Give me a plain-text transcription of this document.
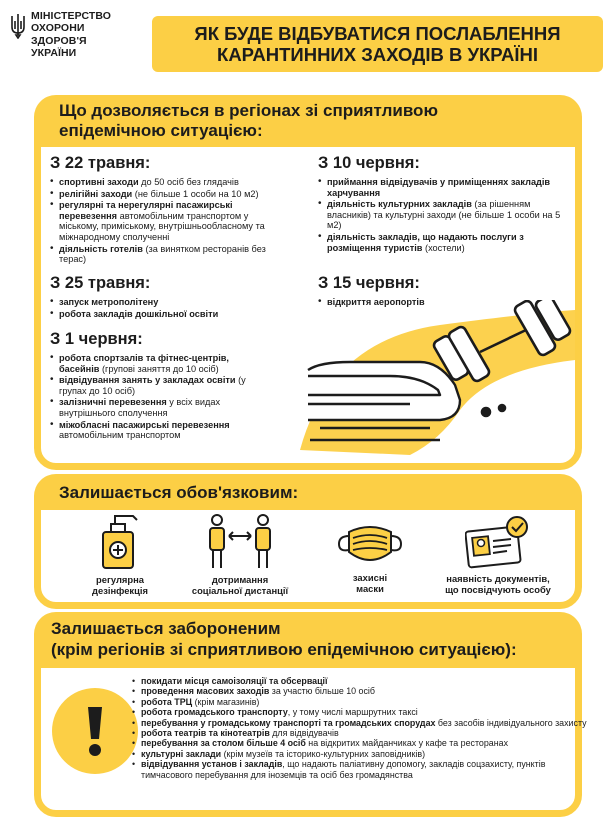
МІНІСТЕРСТВО
ОХОРОНИ
ЗДОРОВ'Я
УКРАЇНИ
ЯК БУДЕ ВІДБУВАТИСЯ ПОСЛАБЛЕННЯ
КАРАНТИННИХ ЗАХОДІВ В УКРАЇНІ
Що дозволяється в регіонах зі сприятливою
епідемічною ситуацією:
З 22 травня:
• спортивні заходи до 50 осіб без глядачів
• релігійні заходи (не більше 1 особи на 10 м2)
• регулярні та нерегулярні пасажирські перевезення автомобільним транспортом у міському, приміському, внутрішньообласному та міжнародному сполученні
• діяльність готелів (за винятком ресторанів без терас)
З 10 червня:
• приймання відвідувачів у приміщеннях закладів харчування
• діяльність культурних закладів (за рішенням власників) та культурні заходи (не більше 1 особи на 5 м2)
• діяльність закладів, що надають послуги з розміщення туристів (хостели)
З 25 травня:
• запуск метрополітену
• робота закладів дошкільної освіти
З 15 червня:
• відкриття аеропортів
З 1 червня:
• робота спортзалів та фітнес-центрів, басейнів (групові заняття до 10 осіб)
• відвідування занять у закладах освіти (у групах до 10 осіб)
• залізничні перевезення у всіх видах внутрішнього сполучення
• міжобласні пасажирські перевезення автомобільним транспортом
Залишається обов'язковим:
регулярна
дезінфекція
дотримання
соціальної дистанції
захисні
маски
наявність документів,
що посвідчують особу
Залишається забороненим
(крім регіонів зі сприятливою епідемічною ситуацією):
• покидати місця самоізоляції та обсервації
• проведення масових заходів за участю більше 10 осіб
• робота ТРЦ (крім магазинів)
• робота громадського транспорту, у тому числі маршрутних таксі
• перебування у громадському транспорті та громадських спорудах без засобів індивідуального захисту
• робота театрів та кінотеатрів для відвідувачів
• перебування за столом більше 4 осіб на відкритих майданчиках у кафе та ресторанах
• культурні заклади (крім музеїв та історико-культурних заповідників)
• відвідування установ і закладів, що надають паліативну допомогу, закладів соцзахисту, пунктів тимчасового перебування для іноземців та осіб без громадянства
